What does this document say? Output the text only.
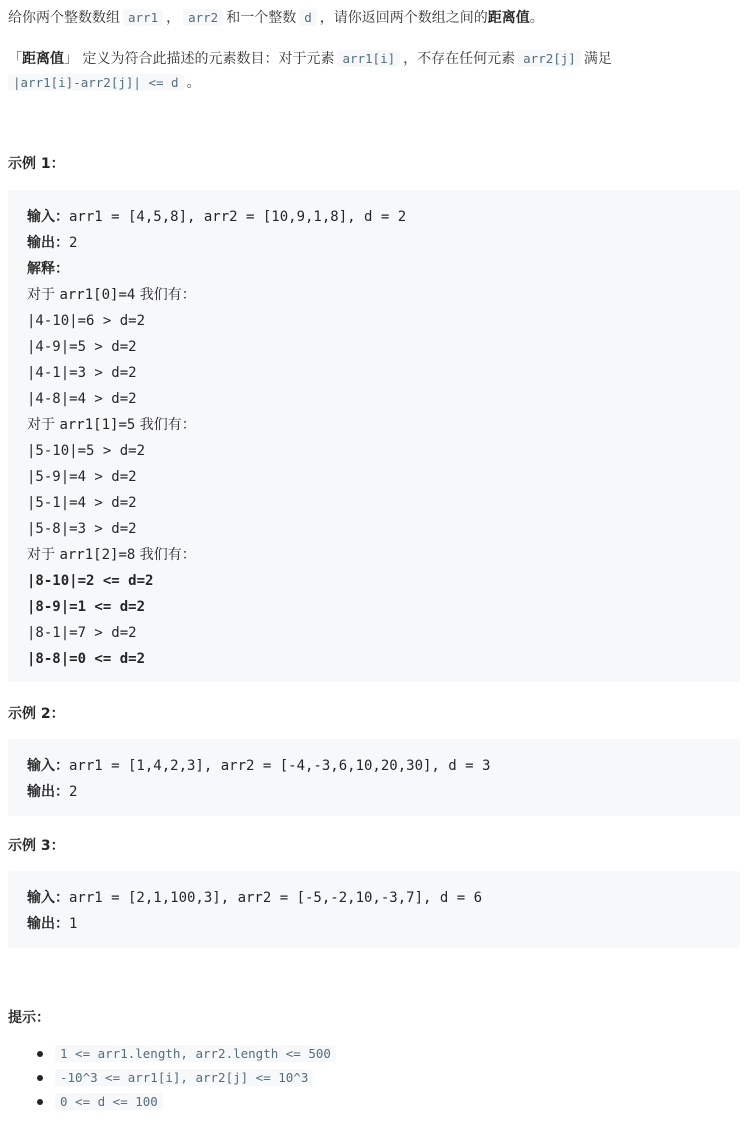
给你两个整数数组 arr1 ， arr2 和一个整数 d ，请你返回两个数组之间的距离值。
「距离值」 定义为符合此描述的元素数目：对于元素 arr1[i] ，不存在任何元素 arr2[j] 满足
|arr1[i]-arr2[j]| <= d 。
示例 1：
输入：arr1 = [4,5,8], arr2 = [10,9,1,8], d = 2
输出：2
解释：
对于 arr1[0]=4 我们有：
|4-10|=6 > d=2
|4-9|=5 > d=2
|4-1|=3 > d=2
|4-8|=4 > d=2
对于 arr1[1]=5 我们有：
|5-10|=5 > d=2
|5-9|=4 > d=2
|5-1|=4 > d=2
|5-8|=3 > d=2
对于 arr1[2]=8 我们有：
|8-10|=2 <= d=2
|8-9|=1 <= d=2
|8-1|=7 > d=2
|8-8|=0 <= d=2
示例 2：
输入：arr1 = [1,4,2,3], arr2 = [-4,-3,6,10,20,30], d = 3
输出：2
示例 3：
输入：arr1 = [2,1,100,3], arr2 = [-5,-2,10,-3,7], d = 6
输出：1
提示：
1 <= arr1.length, arr2.length <= 500
-10^3 <= arr1[i], arr2[j] <= 10^3
0 <= d <= 100
